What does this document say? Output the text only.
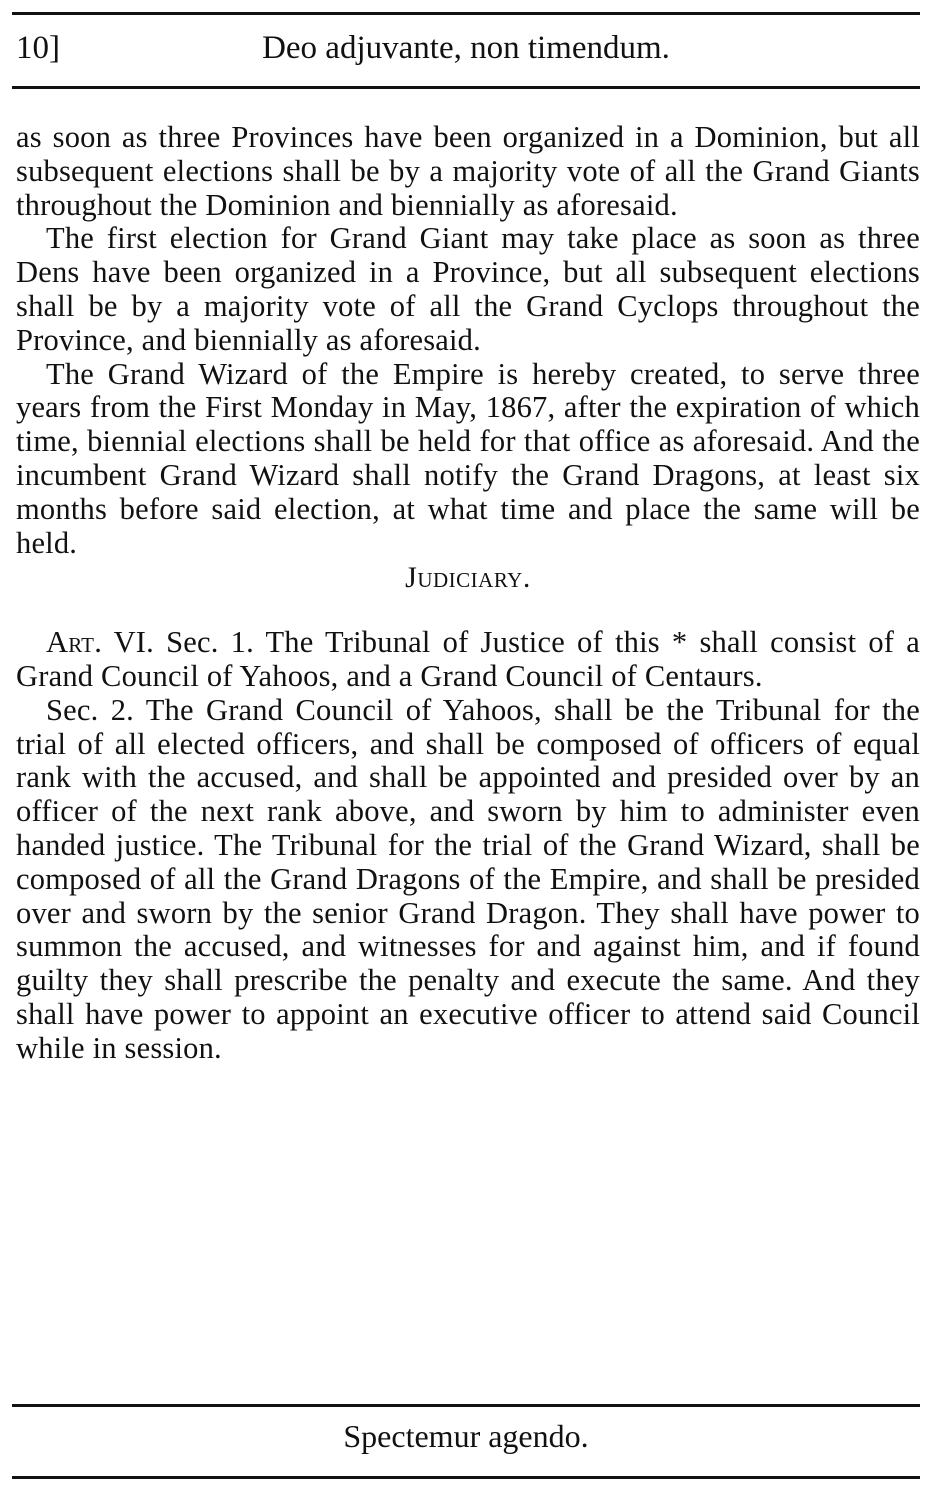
10]	Deo adjuvante, non timendum.

as soon as three Provinces have been organized in a Dominion, but all subsequent elections shall be by a majority vote of all the Grand Giants throughout the Dominion and biennially as aforesaid.

The first election for Grand Giant may take place as soon as three Dens have been organized in a Province, but all subsequent elections shall be by a majority vote of all the Grand Cyclops throughout the Province, and biennially as aforesaid.

The Grand Wizard of the Empire is hereby created, to serve three years from the First Monday in May, 1867, after the expiration of which time, biennial elections shall be held for that office as aforesaid. And the incumbent Grand Wizard shall notify the Grand Dragons, at least six months before said election, at what time and place the same will be held.

Judiciary.

Art. VI. Sec. 1. The Tribunal of Justice of this * shall consist of a Grand Council of Yahoos, and a Grand Council of Centaurs.

Sec. 2. The Grand Council of Yahoos, shall be the Tribunal for the trial of all elected officers, and shall be composed of officers of equal rank with the accused, and shall be appointed and presided over by an officer of the next rank above, and sworn by him to administer even handed justice. The Tribunal for the trial of the Grand Wizard, shall be composed of all the Grand Dragons of the Empire, and shall be presided over and sworn by the senior Grand Dragon. They shall have power to summon the accused, and witnesses for and against him, and if found guilty they shall prescribe the penalty and execute the same. And they shall have power to appoint an executive officer to attend said Council while in session.

Spectemur agendo.
